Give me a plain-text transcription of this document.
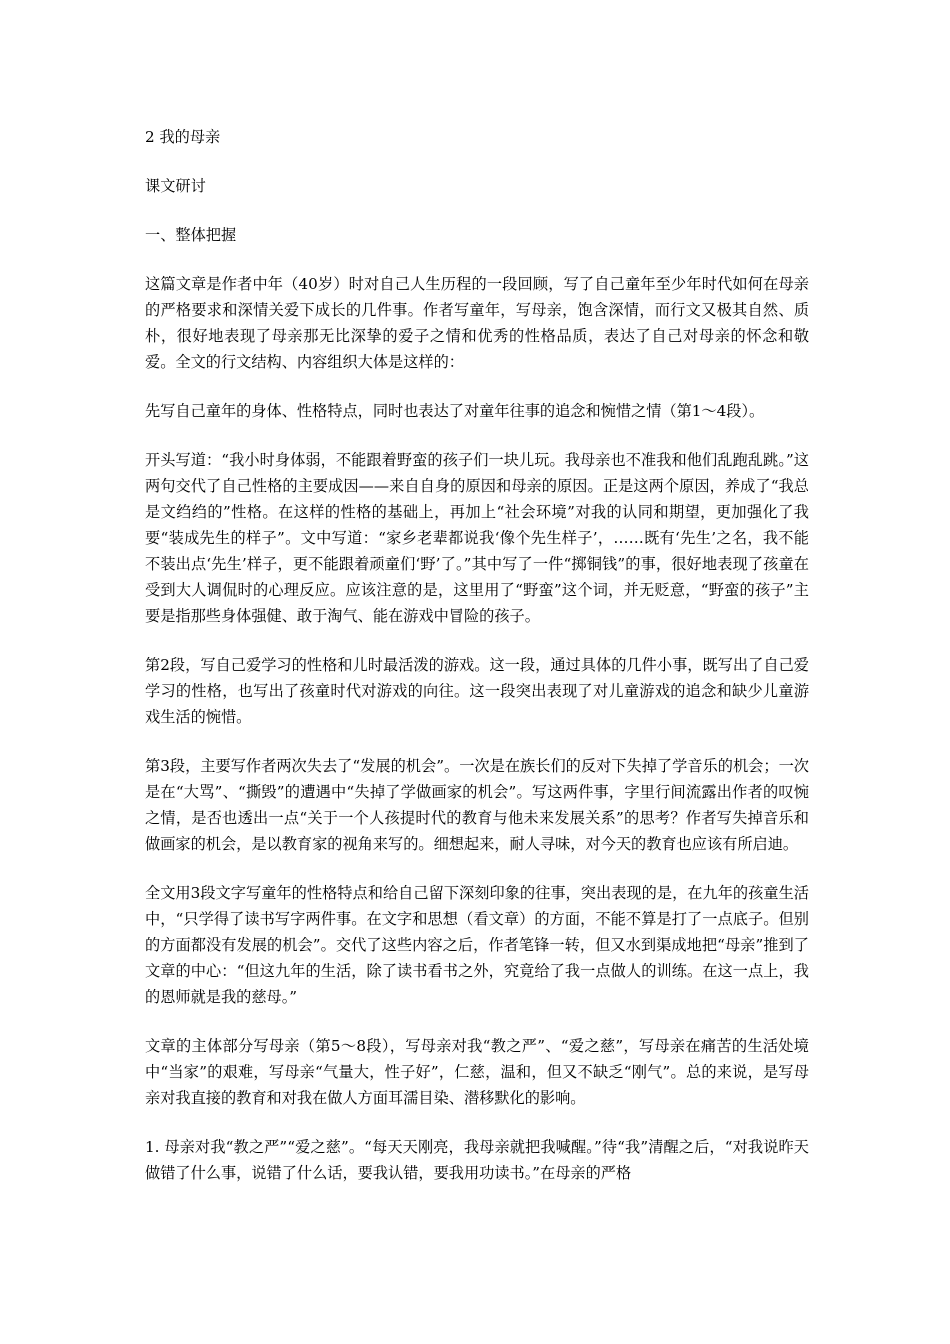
2 我的母亲

课文研讨

一、整体把握

这篇文章是作者中年（40岁）时对自己人生历程的一段回顾，写了自己童年至少年时代如何在母亲的严格要求和深情关爱下成长的几件事。作者写童年，写母亲，饱含深情，而行文又极其自然、质朴，很好地表现了母亲那无比深挚的爱子之情和优秀的性格品质，表达了自己对母亲的怀念和敬爱。全文的行文结构、内容组织大体是这样的：

先写自己童年的身体、性格特点，同时也表达了对童年往事的追念和惋惜之情（第1～4段）。

开头写道：“我小时身体弱，不能跟着野蛮的孩子们一块儿玩。我母亲也不准我和他们乱跑乱跳。”这两句交代了自己性格的主要成因——来自自身的原因和母亲的原因。正是这两个原因，养成了“我总是文绉绉的”性格。在这样的性格的基础上，再加上“社会环境”对我的认同和期望，更加强化了我要“装成先生的样子”。文中写道：“家乡老辈都说我‘像个先生样子’，……既有‘先生’之名，我不能不装出点‘先生’样子，更不能跟着顽童们‘野’了。”其中写了一件“掷铜钱”的事，很好地表现了孩童在受到大人调侃时的心理反应。应该注意的是，这里用了“野蛮”这个词，并无贬意，“野蛮的孩子”主要是指那些身体强健、敢于淘气、能在游戏中冒险的孩子。

第2段，写自己爱学习的性格和儿时最活泼的游戏。这一段，通过具体的几件小事，既写出了自己爱学习的性格，也写出了孩童时代对游戏的向往。这一段突出表现了对儿童游戏的追念和缺少儿童游戏生活的惋惜。

第3段，主要写作者两次失去了“发展的机会”。一次是在族长们的反对下失掉了学音乐的机会；一次是在“大骂”、“撕毁”的遭遇中“失掉了学做画家的机会”。写这两件事，字里行间流露出作者的叹惋之情，是否也透出一点“关于一个人孩提时代的教育与他未来发展关系”的思考？作者写失掉音乐和做画家的机会，是以教育家的视角来写的。细想起来，耐人寻味，对今天的教育也应该有所启迪。

全文用3段文字写童年的性格特点和给自己留下深刻印象的往事，突出表现的是，在九年的孩童生活中，“只学得了读书写字两件事。在文字和思想（看文章）的方面，不能不算是打了一点底子。但别的方面都没有发展的机会”。交代了这些内容之后，作者笔锋一转，但又水到渠成地把“母亲”推到了文章的中心：“但这九年的生活，除了读书看书之外，究竟给了我一点做人的训练。在这一点上，我的恩师就是我的慈母。”

文章的主体部分写母亲（第5～8段），写母亲对我“教之严”、“爱之慈”，写母亲在痛苦的生活处境中“当家”的艰难，写母亲“气量大，性子好”，仁慈，温和，但又不缺乏“刚气”。总的来说，是写母亲对我直接的教育和对我在做人方面耳濡目染、潜移默化的影响。

1. 母亲对我“教之严”“爱之慈”。“每天天刚亮，我母亲就把我喊醒。”待“我”清醒之后，“对我说昨天做错了什么事，说错了什么话，要我认错，要我用功读书。”在母亲的严格
